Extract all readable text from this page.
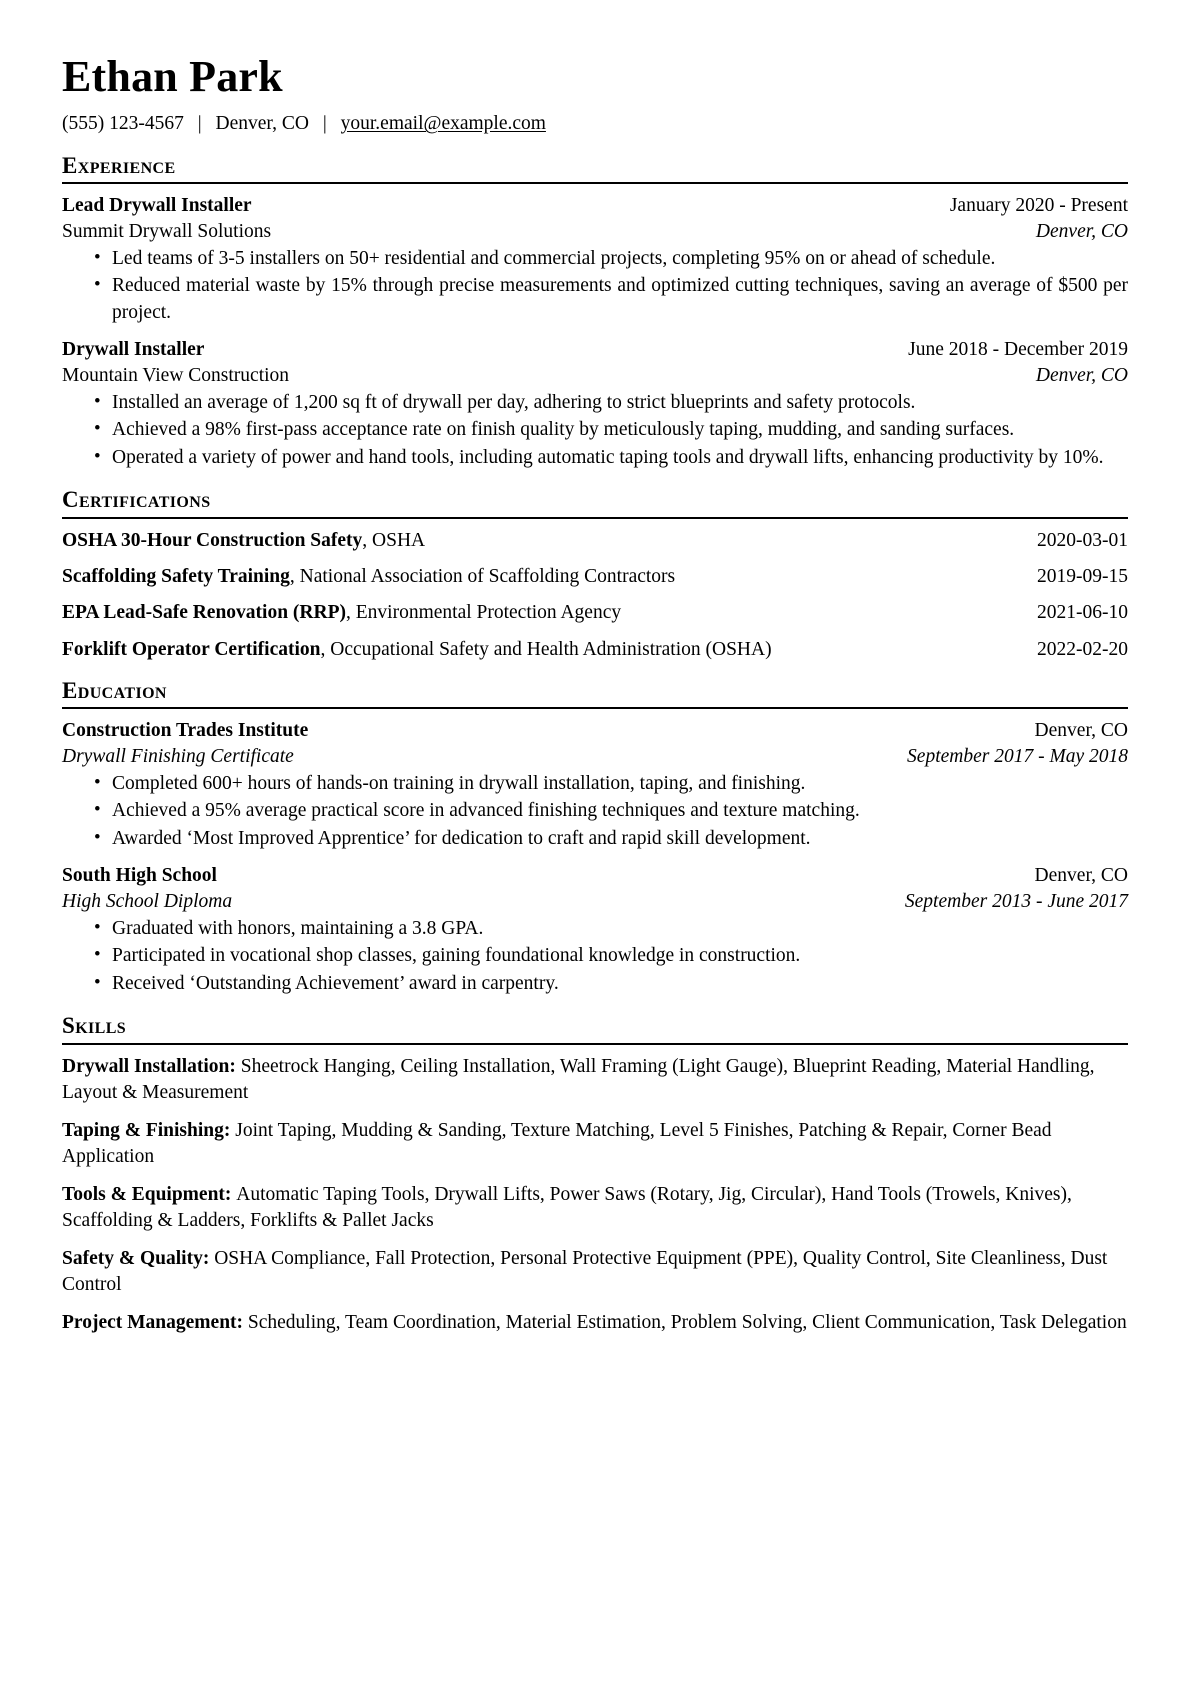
Ethan Park
(555) 123-4567 | Denver, CO | your.email@example.com
Experience
Lead Drywall Installer	January 2020 - Present
Summit Drywall Solutions	Denver, CO
• Led teams of 3-5 installers on 50+ residential and commercial projects, completing 95% on or ahead of schedule.
• Reduced material waste by 15% through precise measurements and optimized cutting techniques, saving an average of $500 per project.
Drywall Installer	June 2018 - December 2019
Mountain View Construction	Denver, CO
• Installed an average of 1,200 sq ft of drywall per day, adhering to strict blueprints and safety protocols.
• Achieved a 98% first-pass acceptance rate on finish quality by meticulously taping, mudding, and sanding surfaces.
• Operated a variety of power and hand tools, including automatic taping tools and drywall lifts, enhancing productivity by 10%.
Certifications
OSHA 30-Hour Construction Safety, OSHA	2020-03-01
Scaffolding Safety Training, National Association of Scaffolding Contractors	2019-09-15
EPA Lead-Safe Renovation (RRP), Environmental Protection Agency	2021-06-10
Forklift Operator Certification, Occupational Safety and Health Administration (OSHA)	2022-02-20
Education
Construction Trades Institute	Denver, CO
Drywall Finishing Certificate	September 2017 - May 2018
• Completed 600+ hours of hands-on training in drywall installation, taping, and finishing.
• Achieved a 95% average practical score in advanced finishing techniques and texture matching.
• Awarded ‘Most Improved Apprentice’ for dedication to craft and rapid skill development.
South High School	Denver, CO
High School Diploma	September 2013 - June 2017
• Graduated with honors, maintaining a 3.8 GPA.
• Participated in vocational shop classes, gaining foundational knowledge in construction.
• Received ‘Outstanding Achievement’ award in carpentry.
Skills
Drywall Installation: Sheetrock Hanging, Ceiling Installation, Wall Framing (Light Gauge), Blueprint Reading, Material Handling, Layout & Measurement
Taping & Finishing: Joint Taping, Mudding & Sanding, Texture Matching, Level 5 Finishes, Patching & Repair, Corner Bead Application
Tools & Equipment: Automatic Taping Tools, Drywall Lifts, Power Saws (Rotary, Jig, Circular), Hand Tools (Trowels, Knives), Scaffolding & Ladders, Forklifts & Pallet Jacks
Safety & Quality: OSHA Compliance, Fall Protection, Personal Protective Equipment (PPE), Quality Control, Site Cleanliness, Dust Control
Project Management: Scheduling, Team Coordination, Material Estimation, Problem Solving, Client Communication, Task Delegation
